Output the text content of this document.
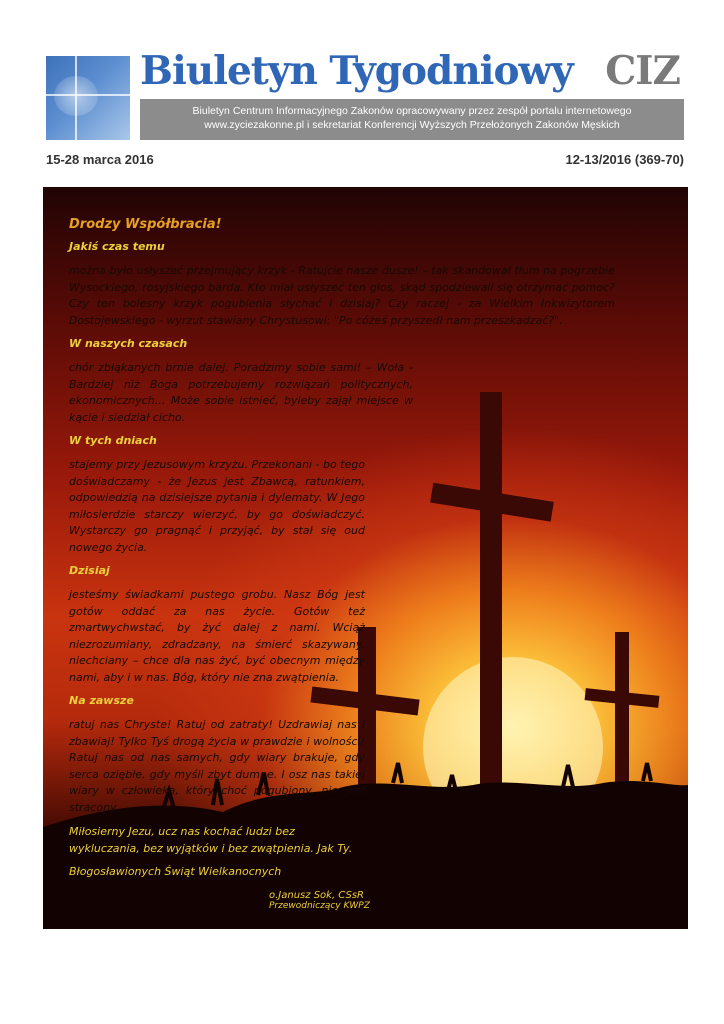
Biuletyn Tygodniowy CIZ
Biuletyn Centrum Informacyjnego Zakonów opracowywany przez zespół portalu internetowego
www.zyciezakonne.pl i sekretariat Konferencji Wyższych Przełożonych Zakonów Męskich
15-28 marca 2016	12-13/2016 (369-70)
Drodzy Współbracia!
Jakiś czas temu
można było usłyszeć przejmujący krzyk - Ratujcie nasze dusze! – tak skandował tłum na pogrzebie Wysockiego, rosyjskiego barda. Kto miał usłyszeć ten głos, skąd spodziewali się otrzymać pomoc? Czy ten bolesny krzyk pogubienia słychać i dzisiaj? Czy raczej - za Wielkim Inkwizytorem Dostojewskiego - wyrzut stawiany Chrystusowi: "Po cóżeś przyszedł nam przeszkadzać?".
W naszych czasach
chór zbłąkanych brnie dalej. Poradzimy sobie sami! – Woła - Bardziej niż Boga potrzebujemy rozwiązań politycznych, ekonomicznych… Może sobie istnieć, byleby zajął miejsce w kącie i siedział cicho.
W tych dniach
stajemy przy Jezusowym krzyżu. Przekonani - bo tego doświadczamy - że Jezus jest Zbawcą, ratunkiem, odpowiedzią na dzisiejsze pytania i dylematy. W Jego miłosierdzie starczy wierzyć, by go doświadczyć. Wystarczy go pragnąć i przyjąć, by stał się oud nowego życia.
Dzisiaj
jesteśmy świadkami pustego grobu. Nasz Bóg jest gotów oddać za nas życie. Gotów też zmartwychwstać, by żyć dalej z nami. Wciąż niezrozumiany, zdradzany, na śmierć skazywany, niechciany – chce dla nas żyć, być obecnym między nami, aby i w nas. Bóg, który nie zna zwątpienia.
Na zawsze
ratuj nas Chryste! Ratuj od zatraty! Uzdrawiaj nas i zbawiaj! Tylko Tyś drogą życia w prawdzie i wolności! Ratuj nas od nas samych, gdy wiary brakuje, gdy serca oziębłe, gdy myśli zbyt dumne. I osz nas takiej wiary w człowieka, który choć pogubiony, nie jest stracony.
Miłosierny Jezu, ucz nas kochać ludzi bez wykluczania, bez wyjątków i bez zwątpienia. Jak Ty.
Błogosławionych Świąt Wielkanocnych
o.Janusz Sok, CSsR
Przewodniczący KWPZ
